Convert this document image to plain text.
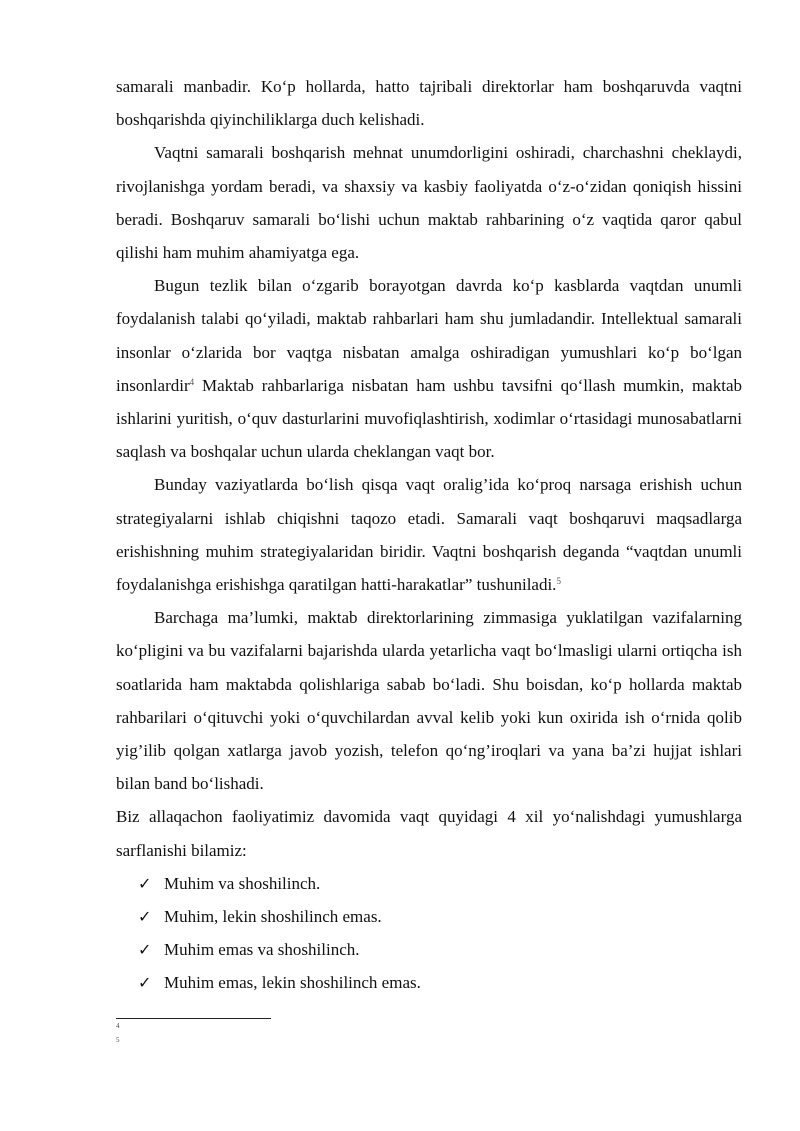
samarali manbadir. Ko‘p hollarda, hatto tajribali direktorlar ham boshqaruvda vaqtni boshqarishda qiyinchiliklarga duch kelishadi.

Vaqtni samarali boshqarish mehnat unumdorligini oshiradi, charchashni cheklaydi, rivojlanishga yordam beradi, va shaxsiy va kasbiy faoliyatda o‘z-o‘zidan qoniqish hissini beradi. Boshqaruv samarali bo‘lishi uchun maktab rahbarining o‘z vaqtida qaror qabul qilishi ham muhim ahamiyatga ega.

Bugun tezlik bilan o‘zgarib borayotgan davrda ko‘p kasblarda vaqtdan unumli foydalanish talabi qo‘yiladi, maktab rahbarlari ham shu jumladandir. Intellektual samarali insonlar o‘zlarida bor vaqtga nisbatan amalga oshiradigan yumushlari ko‘p bo‘lgan insonlardir$^4$ Maktab rahbarlariga nisbatan ham ushbu tavsifni qo‘llash mumkin, maktab ishlarini yuritish, o‘quv dasturlarini muvofiqlashtirish, xodimlar o‘rtasidagi munosabatlarni saqlash va boshqalar uchun ularda cheklangan vaqt bor.

Bunday vaziyatlarda bo‘lish qisqa vaqt oralig’ida ko‘proq narsaga erishish uchun strategiyalarni ishlab chiqishni taqozo etadi. Samarali vaqt boshqaruvi maqsadlarga erishishning muhim strategiyalaridan biridir. Vaqtni boshqarish deganda “vaqtdan unumli foydalanishga erishishga qaratilgan hatti-harakatlar” tushuniladi.$^5$

Barchaga ma’lumki, maktab direktorlarining zimmasiga yuklatilgan vazifalarning ko‘pligini va bu vazifalarni bajarishda ularda yetarlicha vaqt bo‘lmasligi ularni ortiqcha ish soatlarida ham maktabda qolishlariga sabab bo‘ladi. Shu boisdan, ko‘p hollarda maktab rahbarilari o‘qituvchi yoki o‘quvchilardan avval kelib yoki kun oxirida ish o‘rnida qolib yig’ilib qolgan xatlarga javob yozish, telefon qo‘ng’iroqlari va yana ba’zi hujjat ishlari bilan band bo‘lishadi.

Biz allaqachon faoliyatimiz davomida vaqt quyidagi 4 xil yo‘nalishdagi yumushlarga sarflanishi bilamiz:

✓ Muhim va shoshilinch.
✓ Muhim, lekin shoshilinch emas.
✓ Muhim emas va shoshilinch.
✓ Muhim emas, lekin shoshilinch emas.
4
5
